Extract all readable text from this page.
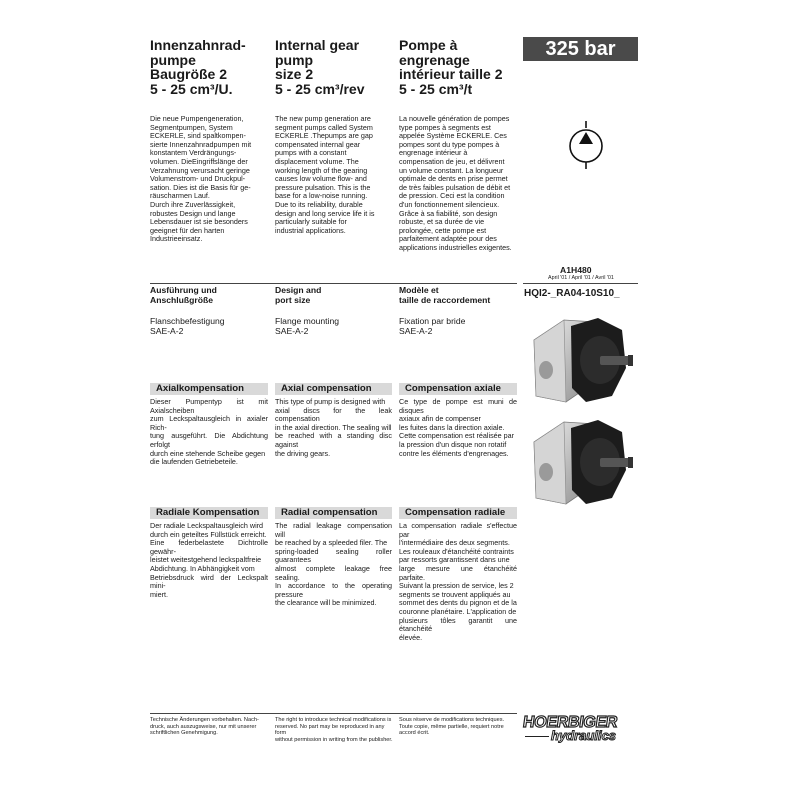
Innenzahnrad-
pumpe
Baugröße 2
5 - 25 cm³/U.
Internal gear
pump
size 2
5 - 25 cm³/rev
Pompe à
engrenage
intérieur taille 2
5 - 25 cm³/t
325 bar
Die neue Pumpengeneration,
Segmentpumpen, System
ECKERLE, sind spaltkompen-
sierte Innenzahnradpumpen mit
konstantem Verdrängungs-
volumen. DieEingriffslänge der
Verzahnung verursacht geringe
Volumenstrom- und Druckpul-
sation. Dies ist die Basis für ge-
räuscharmen Lauf.
Durch ihre Zuverlässigkeit,
robustes Design und lange
Lebensdauer ist sie besonders
geeignet für den harten
Industrieeinsatz.
The new pump generation are
segment pumps called System
ECKERLE .Thepumps are gap
compensated internal gear
pumps with a constant
displacement volume. The
working length of the gearing
causes low volume flow- and
pressure pulsation. This is the
base for a low-noise running.
Due to its reliability, durable
design and long service life it is
particularly suitable for
industrial applications.
La nouvelle génération de pompes
type pompes à segments est
appelée Système ECKERLE. Ces
pompes sont du type pompes à
engrenage intérieur à
compensation de jeu, et délivrent
un volume constant. La longueur
optimale de dents en prise permet
de très faibles pulsation de débit et
de pression. Ceci est la condition
d'un fonctionnement silencieux.
Grâce à sa fiabilité, son design
robuste, et sa durée de vie
prolongée, cette pompe est
parfaitement adaptée pour des
applications industrielles exigentes.
A1H480
April '01 / April '01 / Avril '01
Ausführung und
Anschlußgröße
Design and
port size
Modèle et
taille de raccordement
HQI2-_RA04-10S10_
Flanschbefestigung
SAE-A-2
Flange mounting
SAE-A-2
Fixation par bride
SAE-A-2
Axialkompensation	Axial compensation	Compensation axiale
Dieser Pumpentyp ist mit Axialscheiben
zum Leckspaltausgleich in axialer Rich-
tung ausgeführt. Die Abdichtung erfolgt
durch eine stehende Scheibe gegen
die laufenden Getriebeteile.
This type of pump is designed with
axial discs for the leak compensation
in the axial direction. The sealing will
be reached with a standing disc against
the driving gears.
Ce type de pompe est muni de disques
axiaux afin de compenser
les fuites dans la direction axiale.
Cette compensation est réalisée par
la pression d'un disque non rotatif
contre les éléments d'engrenages.
Radiale Kompensation	Radial compensation	Compensation radiale
Der radiale Leckspaltausgleich wird
durch ein geteiltes Füllstück erreicht.
Eine federbelastete Dichtrolle gewähr-
leistet weitestgehend leckspaltfreie
Abdichtung. In Abhängigkeit vom
Betriebsdruck wird der Leckspalt mini-
miert.
The radial leakage compensation will
be reached by a spleeded filer. The
spring-loaded sealing roller guarantees
almost complete leakage free sealing.
In accordance to the operating pressure
the clearance will be minimized.
La compensation radiale s'effectue par
l'intermédiaire des deux segments.
Les rouleaux d'étanchéité contraints
par ressorts garantissent dans une
large mesure une étanchéité parfaite.
Suivant la pression de service, les 2
segments se trouvent appliqués au
sommet des dents du pignon et de la
couronne planétaire. L'application de
plusieurs tôles garantit une étanchéité
élevée.
Technische Änderungen vorbehalten. Nach-
druck, auch auszugsweise, nur mit unserer
schriftlichen Genehmigung.
The right to introduce technical modifications is
reserved. No part may be reproduced in any form
without permission in writing from the publisher.
Sous réserve de modifications techniques.
Toute copie, même partielle, requiert notre
accord écrit.
HOERBIGER
hydraulics
